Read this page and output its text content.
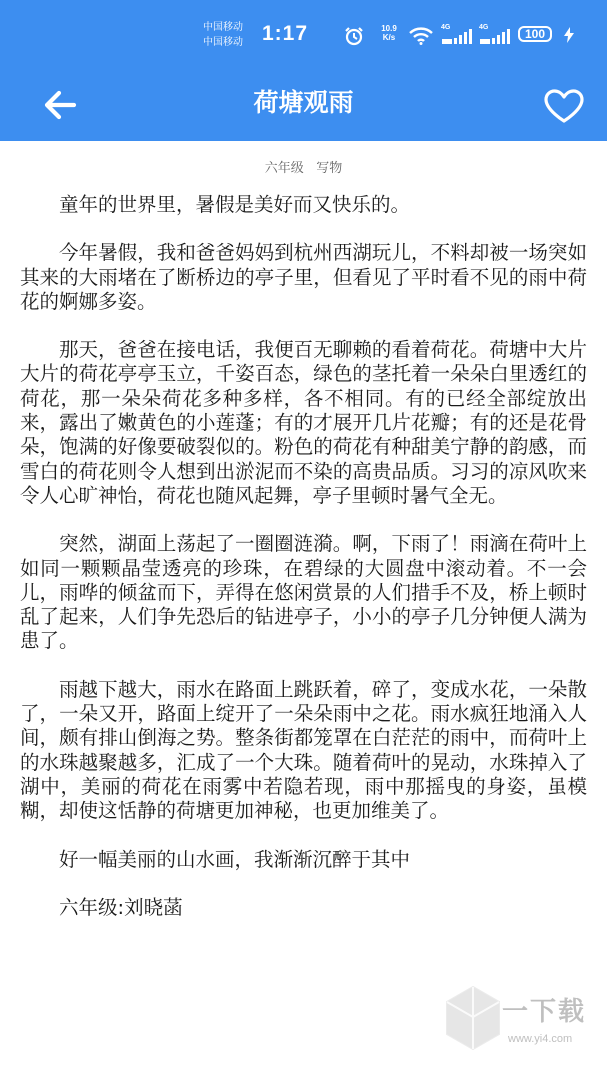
中国移动
中国移动 1:17	10.9
K/s
4G	4G	100
荷塘观雨
六年级 写物

童年的世界里，暑假是美好而又快乐的。

今年暑假，我和爸爸妈妈到杭州西湖玩儿，不料却被一场突如其来的大雨堵在了断桥边的亭子里，但看见了平时看不见的雨中荷花的婀娜多姿。

那天，爸爸在接电话，我便百无聊赖的看着荷花。荷塘中大片大片的荷花亭亭玉立，千姿百态，绿色的茎托着一朵朵白里透红的荷花，那一朵朵荷花多种多样，各不相同。有的已经全部绽放出来，露出了嫩黄色的小莲蓬；有的才展开几片花瓣；有的还是花骨朵，饱满的好像要破裂似的。粉色的荷花有种甜美宁静的韵感，而雪白的荷花则令人想到出淤泥而不染的高贵品质。习习的凉风吹来令人心旷神怡，荷花也随风起舞，亭子里顿时暑气全无。

突然，湖面上荡起了一圈圈涟漪。啊，下雨了！雨滴在荷叶上如同一颗颗晶莹透亮的珍珠，在碧绿的大圆盘中滚动着。不一会儿，雨哗的倾盆而下，弄得在悠闲赏景的人们措手不及，桥上顿时乱了起来，人们争先恐后的钻进亭子，小小的亭子几分钟便人满为患了。

雨越下越大，雨水在路面上跳跃着，碎了，变成水花，一朵散了，一朵又开，路面上绽开了一朵朵雨中之花。雨水疯狂地涌入人间，颇有排山倒海之势。整条街都笼罩在白茫茫的雨中，而荷叶上的水珠越聚越多，汇成了一个大珠。随着荷叶的晃动，水珠掉入了湖中，美丽的荷花在雨雾中若隐若现，雨中那摇曳的身姿，虽模糊，却使这恬静的荷塘更加神秘，也更加维美了。

好一幅美丽的山水画，我渐渐沉醉于其中

六年级:刘晓菡

一下载
www.yi4.com
